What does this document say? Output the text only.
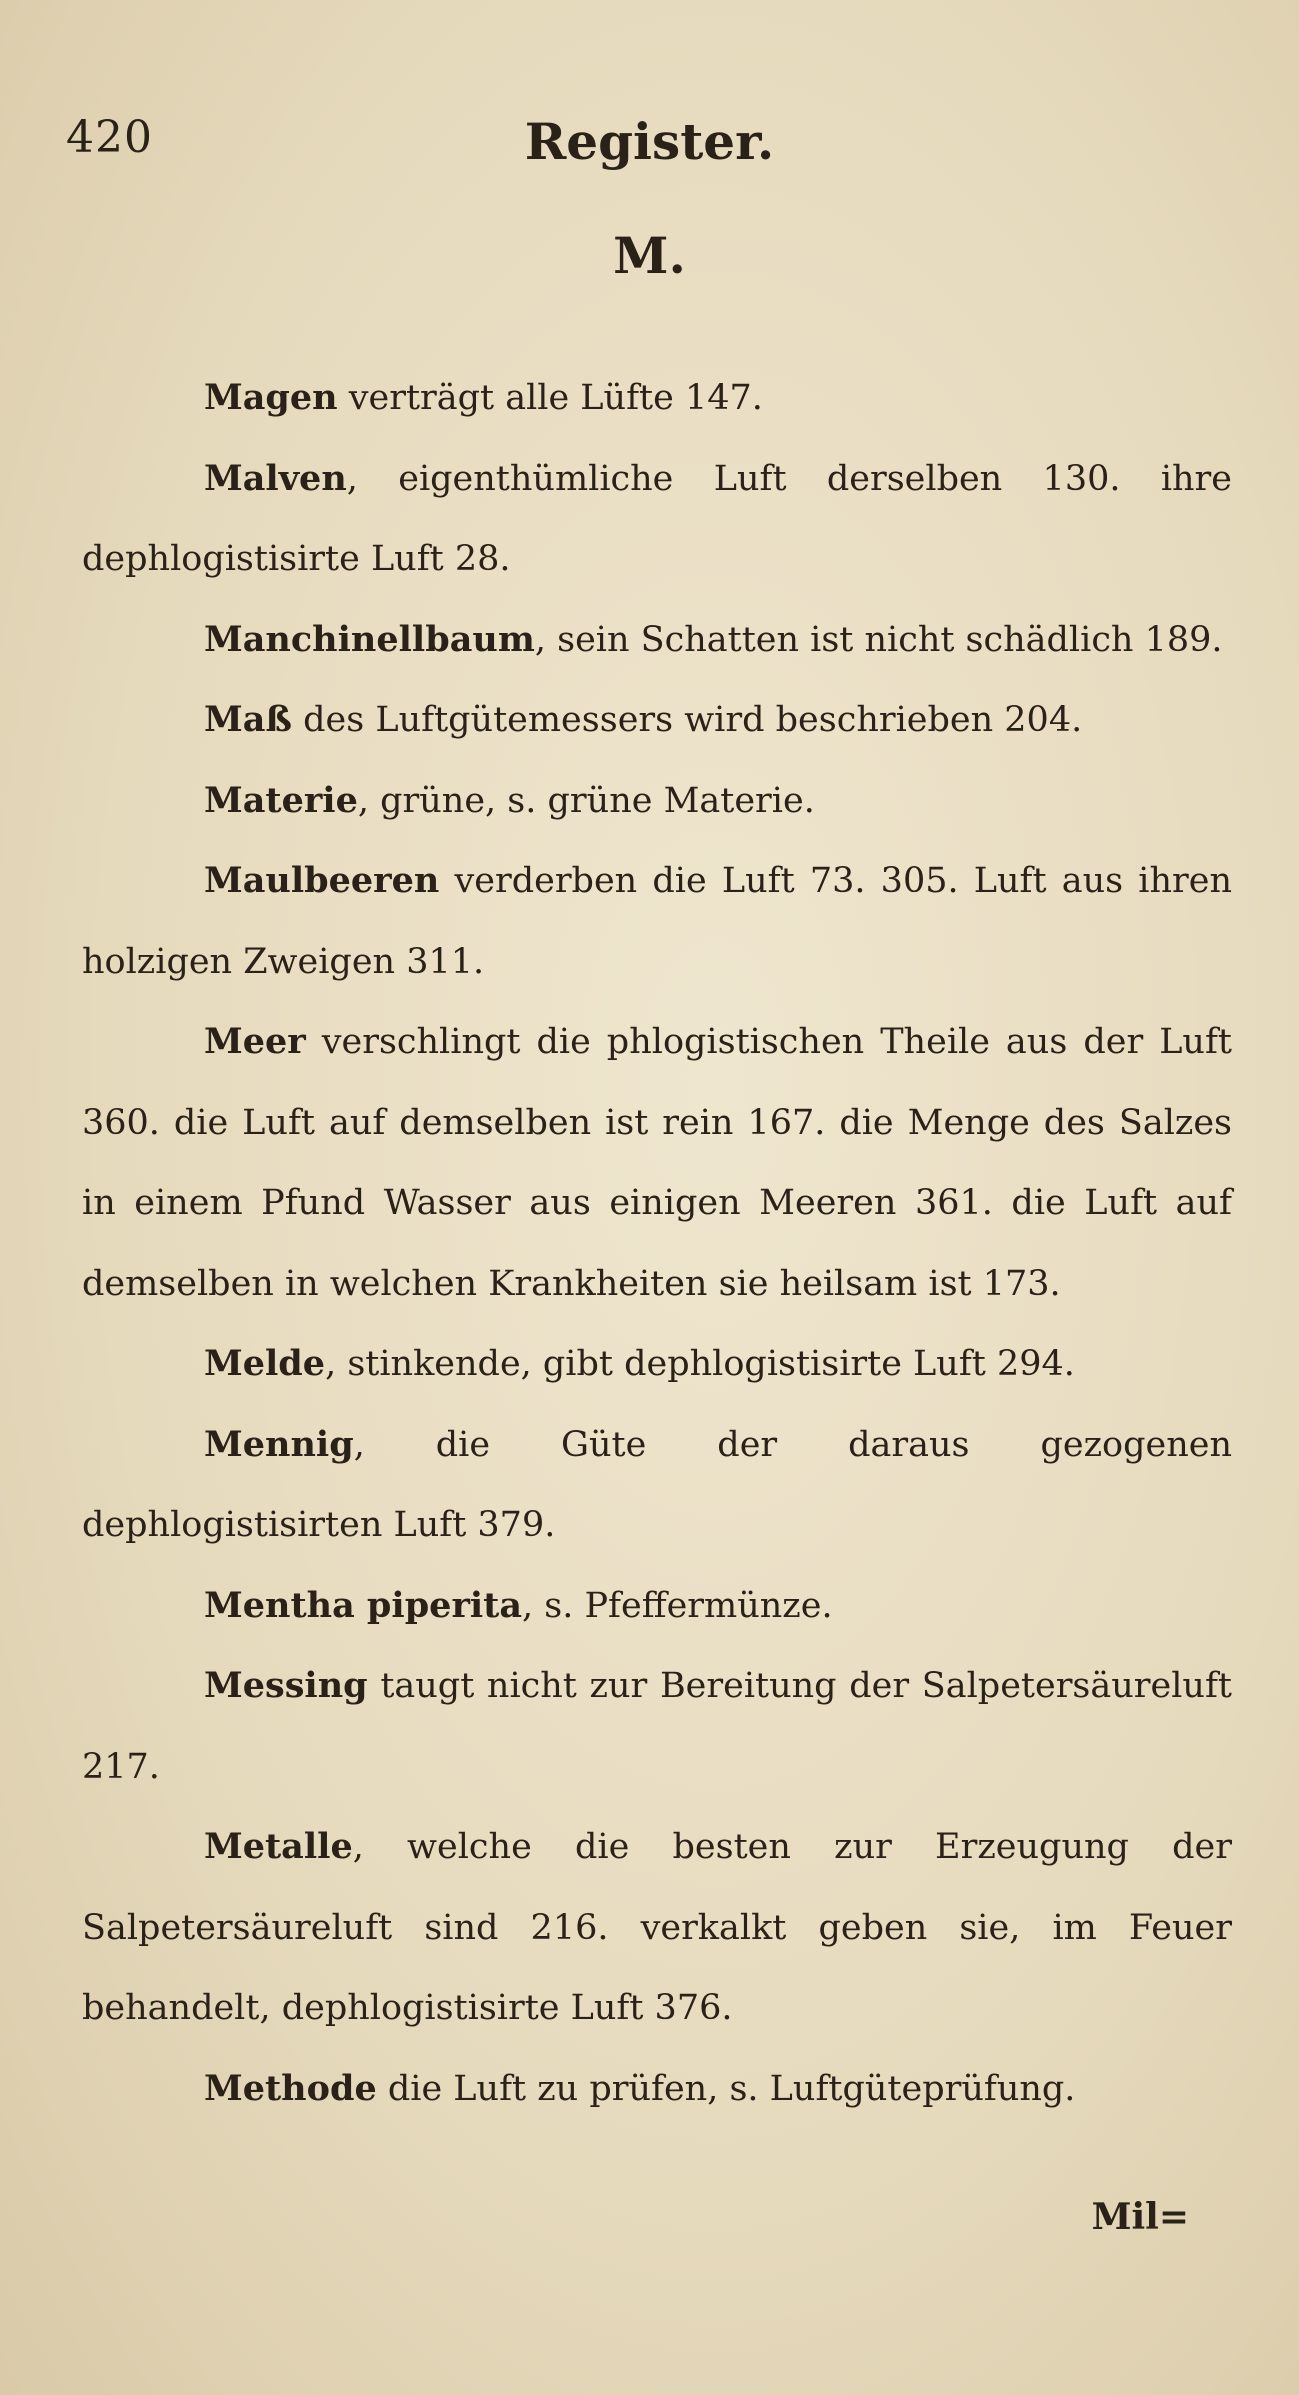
420	Register.
M.

Magen verträgt alle Lüfte 147.

Malven, eigenthümliche Luft derselben 130. ihre dephlogistisirte Luft 28.

Manchinellbaum, sein Schatten ist nicht schädlich 189.

Maß des Luftgütemessers wird beschrieben 204.

Materie, grüne, s. grüne Materie.

Maulbeeren verderben die Luft 73. 305. Luft aus ihren holzigen Zweigen 311.

Meer verschlingt die phlogistischen Theile aus der Luft 360. die Luft auf demselben ist rein 167. die Menge des Salzes in einem Pfund Wasser aus einigen Meeren 361. die Luft auf demselben in welchen Krankheiten sie heilsam ist 173.

Melde, stinkende, gibt dephlogistisirte Luft 294.

Mennig, die Güte der daraus gezogenen dephlogistisirten Luft 379.

Mentha piperita, s. Pfeffermünze.

Messing taugt nicht zur Bereitung der Salpetersäureluft 217.

Metalle, welche die besten zur Erzeugung der Salpetersäureluft sind 216. verkalkt geben sie, im Feuer behandelt, dephlogistisirte Luft 376.

Methode die Luft zu prüfen, s. Luftgüteprüfung.

Mil=
